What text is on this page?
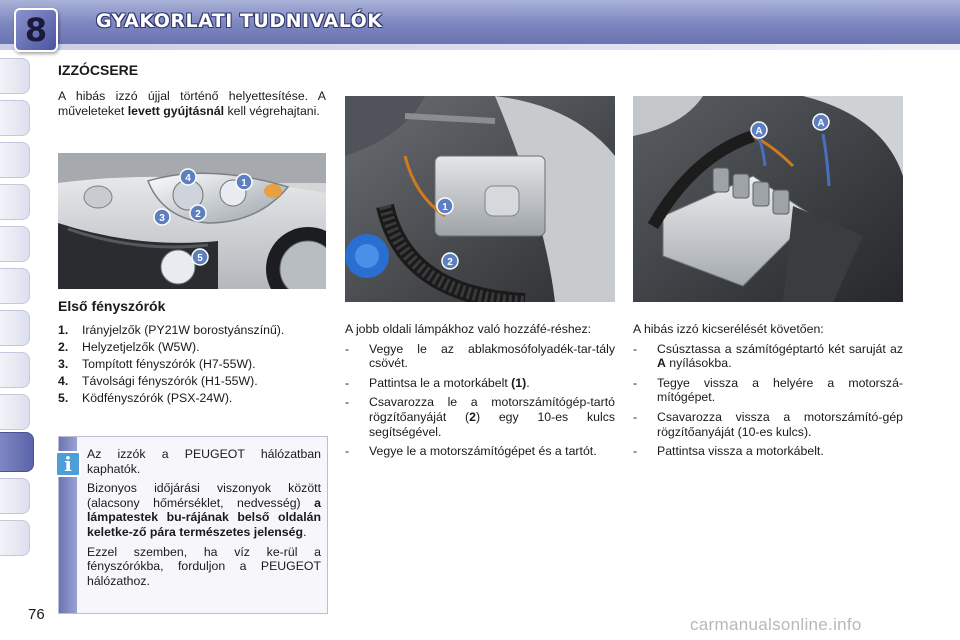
8	GYAKORLATI TUDNIVALÓK
IZZÓCSERE
A hibás izzó újjal történő helyettesítése. A műveleteket levett gyújtásnál kell végrehajtani.
4	1
2
3
5
Első fényszórók
1.	Irányjelzők (PY21W borostyánszínű).
2.	Helyzetjelzők (W5W).
3.	Tompított fényszórók (H7-55W).
4.	Távolsági fényszórók (H1-55W).
5.	Ködfényszórók (PSX-24W).
i	Az izzók a PEUGEOT hálózatban kaphatók.

Bizonyos időjárási viszonyok között (alacsony hőmérséklet, nedvesség) a lámpatestek bu-rájának belső oldalán keletke-ző pára természetes jelenség.

Ezzel szemben, ha víz ke-rül a fényszórókba, forduljon a PEUGEOT hálózathoz.

1
2
A
A
A jobb oldali lámpákhoz való hozzáfé-réshez:
-	Vegye le az ablakmosófolyadék-tar-tály csövét.
-	Pattintsa le a motorkábelt (1).
-	Csavarozza le a motorszámítógép-tartó rögzítőanyáját (2) egy 10-es kulcs segítségével.
-	Vegye le a motorszámítógépet és a tartót.
A hibás izzó kicserélését követően:
-	Csúsztassa a számítógéptartó két saruját az A nyílásokba.
-	Tegye vissza a helyére a motorszá-mítógépet.
-	Csavarozza vissza a motorszámító-gép rögzítőanyáját (10-es kulcs).
-	Pattintsa vissza a motorkábelt.
76
carmanualsonline.info
